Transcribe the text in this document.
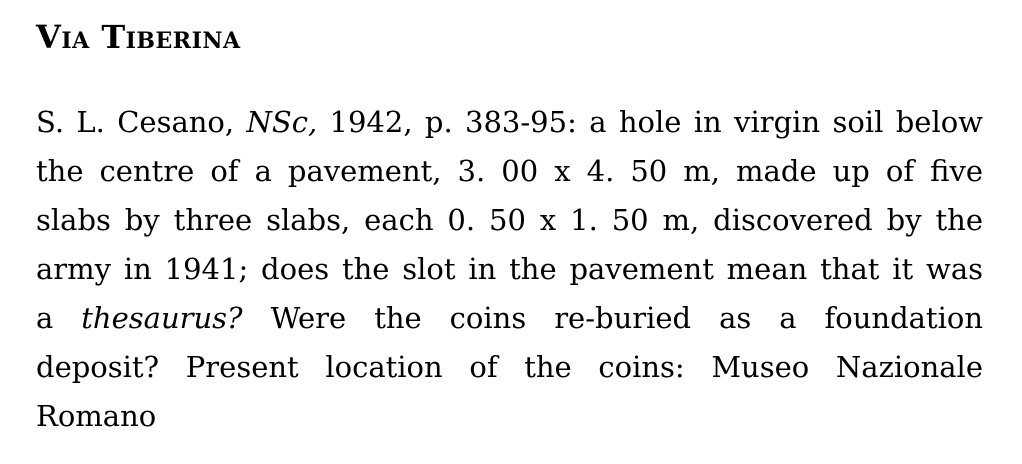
Via Tiberina
S. L. Cesano, NSc, 1942, p. 383-95: a hole in virgin soil below
the centre of a pavement, 3. 00 x 4. 50 m, made up of five
slabs by three slabs, each 0. 50 x 1. 50 m, discovered by the
army in 1941; does the slot in the pavement mean that it was
a thesaurus? Were the coins re-buried as a foundation
deposit? Present location of the coins: Museo Nazionale
Romano
